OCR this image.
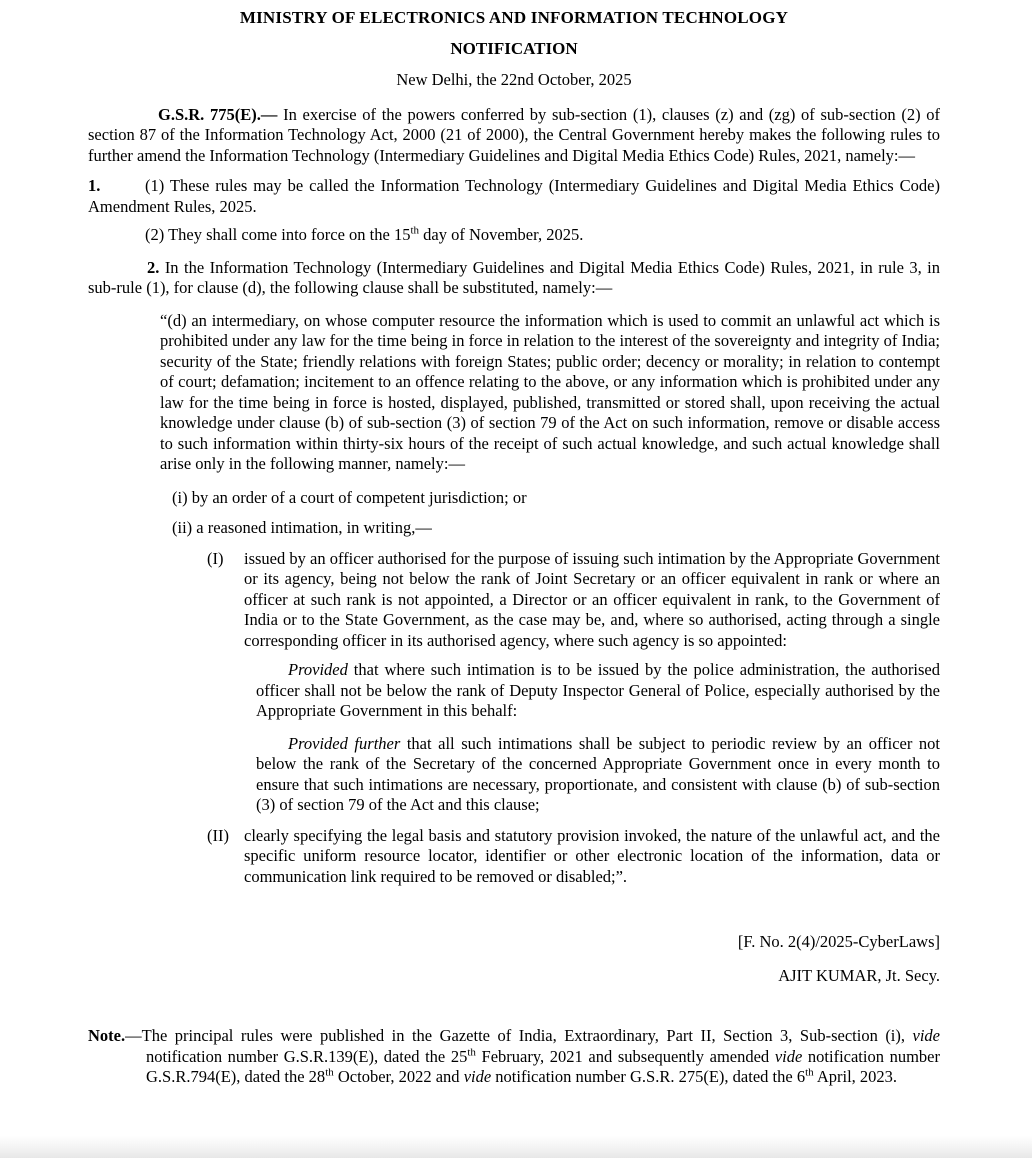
MINISTRY OF ELECTRONICS AND INFORMATION TECHNOLOGY
NOTIFICATION

New Delhi, the 22nd October, 2025

G.S.R. 775(E).— In exercise of the powers conferred by sub-section (1), clauses (z) and (zg) of sub-section (2) of section 87 of the Information Technology Act, 2000 (21 of 2000), the Central Government hereby makes the following rules to further amend the Information Technology (Intermediary Guidelines and Digital Media Ethics Code) Rules, 2021, namely:—

1.	(1) These rules may be called the Information Technology (Intermediary Guidelines and Digital Media Ethics Code) Amendment Rules, 2025.

(2) They shall come into force on the 15th day of November, 2025.

2. In the Information Technology (Intermediary Guidelines and Digital Media Ethics Code) Rules, 2021, in rule 3, in sub-rule (1), for clause (d), the following clause shall be substituted, namely:—

“(d) an intermediary, on whose computer resource the information which is used to commit an unlawful act which is prohibited under any law for the time being in force in relation to the interest of the sovereignty and integrity of India; security of the State; friendly relations with foreign States; public order; decency or morality; in relation to contempt of court; defamation; incitement to an offence relating to the above, or any information which is prohibited under any law for the time being in force is hosted, displayed, published, transmitted or stored shall, upon receiving the actual knowledge under clause (b) of sub-section (3) of section 79 of the Act on such information, remove or disable access to such information within thirty-six hours of the receipt of such actual knowledge, and such actual knowledge shall arise only in the following manner, namely:—

(i) by an order of a court of competent jurisdiction; or

(ii) a reasoned intimation, in writing,—

(I)	issued by an officer authorised for the purpose of issuing such intimation by the Appropriate Government or its agency, being not below the rank of Joint Secretary or an officer equivalent in rank or where an officer at such rank is not appointed, a Director or an officer equivalent in rank, to the Government of India or to the State Government, as the case may be, and, where so authorised, acting through a single corresponding officer in its authorised agency, where such agency is so appointed:

Provided that where such intimation is to be issued by the police administration, the authorised officer shall not be below the rank of Deputy Inspector General of Police, especially authorised by the Appropriate Government in this behalf:

Provided further that all such intimations shall be subject to periodic review by an officer not below the rank of the Secretary of the concerned Appropriate Government once in every month to ensure that such intimations are necessary, proportionate, and consistent with clause (b) of sub-section (3) of section 79 of the Act and this clause;

(II) clearly specifying the legal basis and statutory provision invoked, the nature of the unlawful act, and the specific uniform resource locator, identifier or other electronic location of the information, data or communication link required to be removed or disabled;”.

[F. No. 2(4)/2025-CyberLaws]

AJIT KUMAR, Jt. Secy.

Note.—The principal rules were published in the Gazette of India, Extraordinary, Part II, Section 3, Sub-section (i), vide notification number G.S.R.139(E), dated the 25th February, 2021 and subsequently amended vide notification number G.S.R.794(E), dated the 28th October, 2022 and vide notification number G.S.R. 275(E), dated the 6th April, 2023.
